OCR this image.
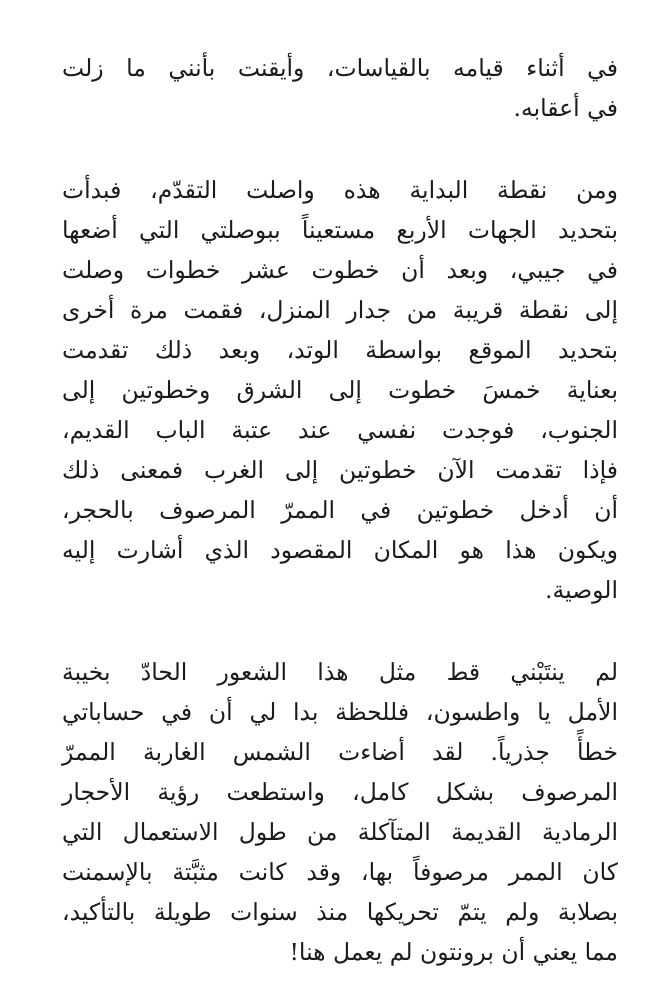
في أثناء قيامه بالقياسات، وأيقنت بأنني ما زلت
في أعقابه.
ومن نقطة البداية هذه واصلت التقدّم، فبدأت
بتحديد الجهات الأربع مستعيناً ببوصلتي التي أضعها
في جيبي، وبعد أن خطوت عشر خطوات وصلت
إلى نقطة قريبة من جدار المنزل، فقمت مرة أخرى
بتحديد الموقع بواسطة الوتد، وبعد ذلك تقدمت
بعناية خمسَ خطوت إلى الشرق وخطوتين إلى
الجنوب، فوجدت نفسي عند عتبة الباب القديم،
فإذا تقدمت الآن خطوتين إلى الغرب فمعنى ذلك
أن أدخل خطوتين في الممرّ المرصوف بالحجر،
ويكون هذا هو المكان المقصود الذي أشارت إليه
الوصية.
لم ينتَبْني قط مثل هذا الشعور الحادّ بخيبة
الأمل يا واطسون، فللحظة بدا لي أن في حساباتي
خطأً جذرياً. لقد أضاءت الشمس الغاربة الممرّ
المرصوف بشكل كامل، واستطعت رؤية الأحجار
الرمادية القديمة المتآكلة من طول الاستعمال التي
كان الممر مرصوفاً بها، وقد كانت مثبَّتة بالإسمنت
بصلابة ولم يتمّ تحريكها منذ سنوات طويلة بالتأكيد،
مما يعني أن برونتون لم يعمل هنا!
